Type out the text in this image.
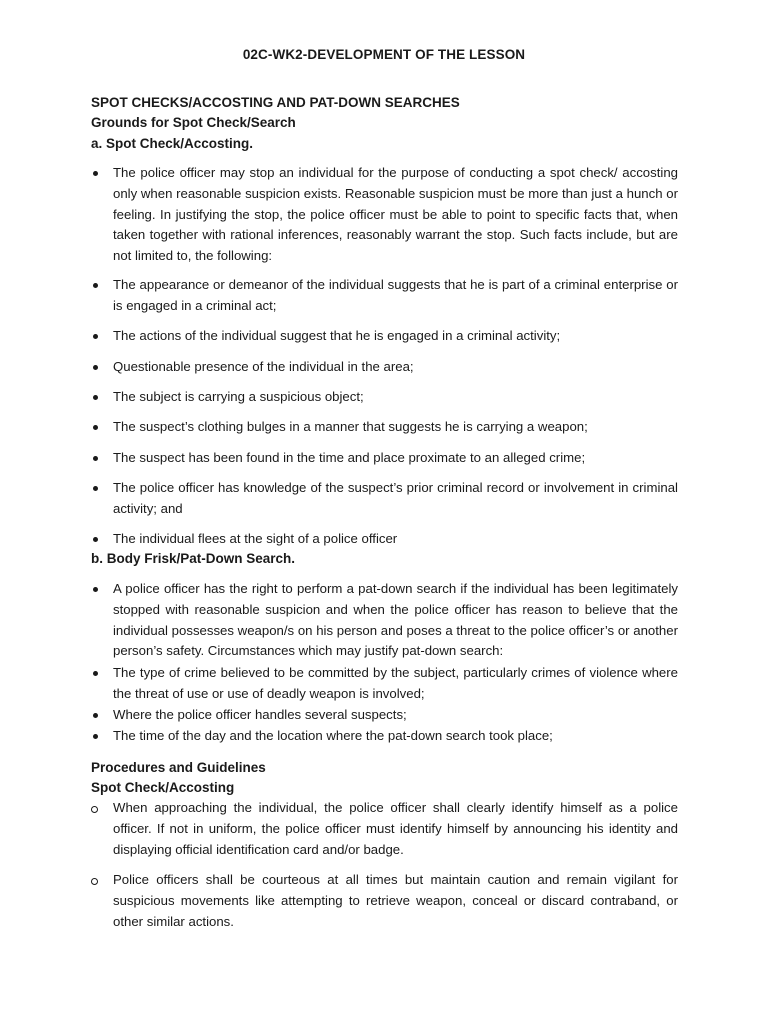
02C-WK2-DEVELOPMENT OF THE LESSON
SPOT CHECKS/ACCOSTING AND PAT-DOWN SEARCHES
Grounds for Spot Check/Search
a. Spot Check/Accosting.
The police officer may stop an individual for the purpose of conducting a spot check/ accosting only when reasonable suspicion exists. Reasonable suspicion must be more than just a hunch or feeling. In justifying the stop, the police officer must be able to point to specific facts that, when taken together with rational inferences, reasonably warrant the stop. Such facts include, but are not limited to, the following:
The appearance or demeanor of the individual suggests that he is part of a criminal enterprise or is engaged in a criminal act;
The actions of the individual suggest that he is engaged in a criminal activity;
Questionable presence of the individual in the area;
The subject is carrying a suspicious object;
The suspect’s clothing bulges in a manner that suggests he is carrying a weapon;
The suspect has been found in the time and place proximate to an alleged crime;
The police officer has knowledge of the suspect’s prior criminal record or involvement in criminal activity; and
The individual flees at the sight of a police officer
b. Body Frisk/Pat-Down Search.
A police officer has the right to perform a pat-down search if the individual has been legitimately stopped with reasonable suspicion and when the police officer has reason to believe that the individual possesses weapon/s on his person and poses a threat to the police officer’s or another person’s safety. Circumstances which may justify pat-down search:
The type of crime believed to be committed by the subject, particularly crimes of violence where the threat of use or use of deadly weapon is involved;
Where the police officer handles several suspects;
The time of the day and the location where the pat-down search took place;
Procedures and Guidelines
Spot Check/Accosting
When approaching the individual, the police officer shall clearly identify himself as a police officer. If not in uniform, the police officer must identify himself by announcing his identity and displaying official identification card and/or badge.
Police officers shall be courteous at all times but maintain caution and remain vigilant for suspicious movements like attempting to retrieve weapon, conceal or discard contraband, or other similar actions.
